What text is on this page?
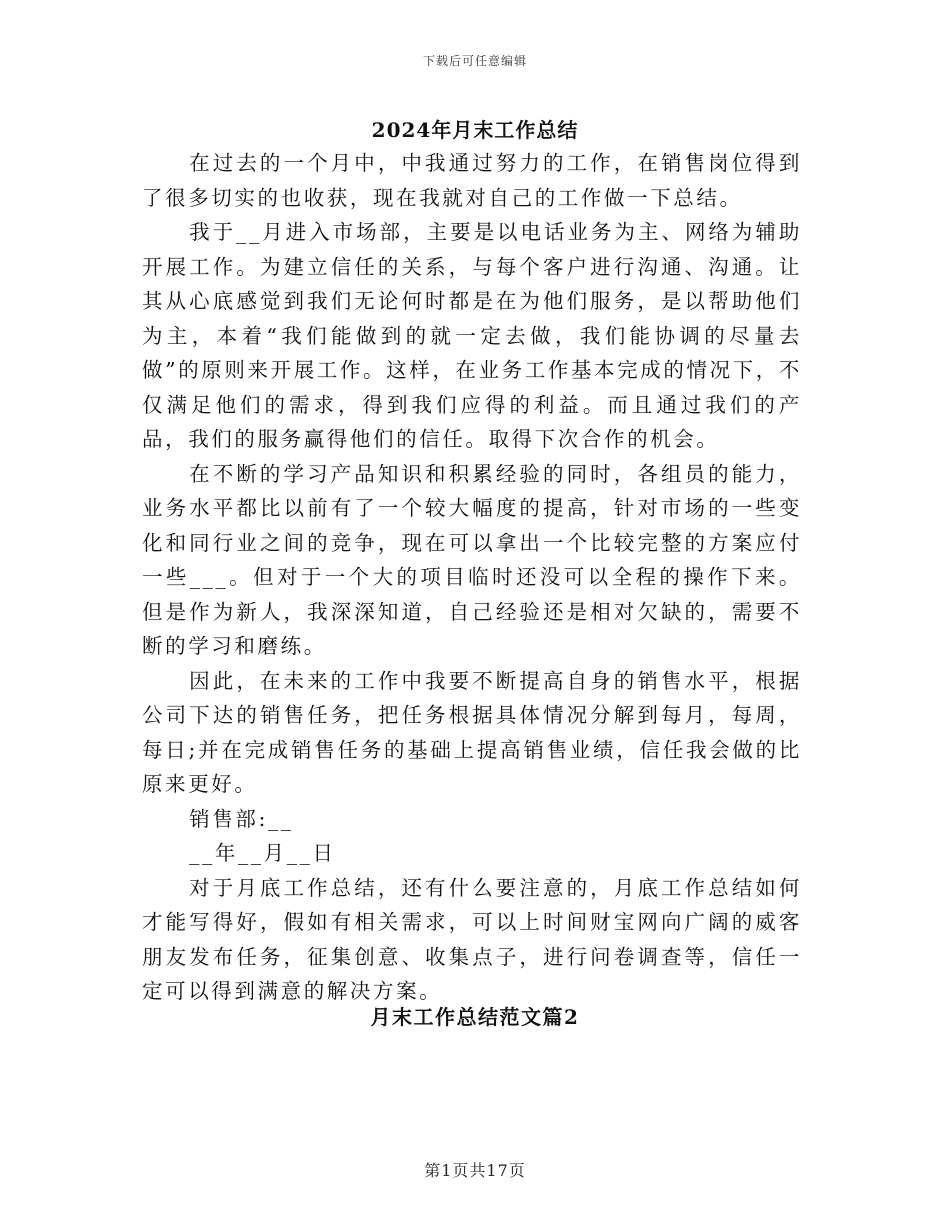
下载后可任意编辑
2024年月末工作总结

在过去的一个月中，中我通过努力的工作，在销售岗位得到了很多切实的也收获，现在我就对自己的工作做一下总结。

我于__月进入市场部，主要是以电话业务为主、网络为辅助开展工作。为建立信任的关系，与每个客户进行沟通、沟通。让其从心底感觉到我们无论何时都是在为他们服务，是以帮助他们为主，本着“我们能做到的就一定去做，我们能协调的尽量去做”的原则来开展工作。这样，在业务工作基本完成的情况下，不仅满足他们的需求，得到我们应得的利益。而且通过我们的产品，我们的服务赢得他们的信任。取得下次合作的机会。

在不断的学习产品知识和积累经验的同时，各组员的能力，业务水平都比以前有了一个较大幅度的提高，针对市场的一些变化和同行业之间的竞争，现在可以拿出一个比较完整的方案应付一些___。但对于一个大的项目临时还没可以全程的操作下来。但是作为新人，我深深知道，自己经验还是相对欠缺的，需要不断的学习和磨练。

因此，在未来的工作中我要不断提高自身的销售水平，根据公司下达的销售任务，把任务根据具体情况分解到每月，每周，每日;并在完成销售任务的基础上提高销售业绩，信任我会做的比原来更好。

销售部:__

__年__月__日

对于月底工作总结，还有什么要注意的，月底工作总结如何才能写得好，假如有相关需求，可以上时间财宝网向广阔的威客朋友发布任务，征集创意、收集点子，进行问卷调查等，信任一定可以得到满意的解决方案。

月末工作总结范文篇2
第1页共17页
